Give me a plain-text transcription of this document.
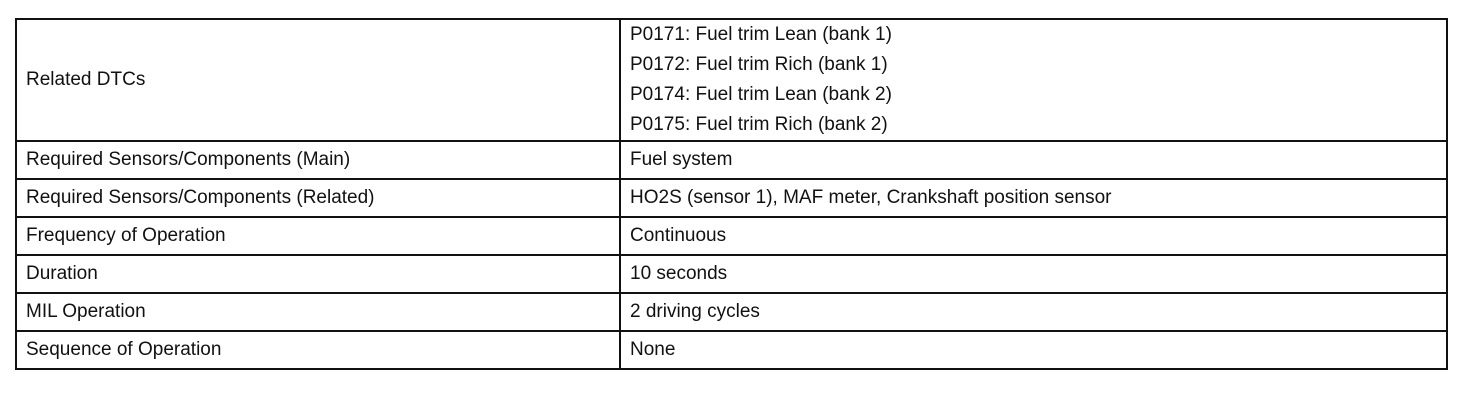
Related DTCs	P0171: Fuel trim Lean (bank 1)
P0172: Fuel trim Rich (bank 1)
P0174: Fuel trim Lean (bank 2)
P0175: Fuel trim Rich (bank 2)

Required Sensors/Components (Main)	Fuel system
Required Sensors/Components (Related)	HO2S (sensor 1), MAF meter, Crankshaft position sensor
Frequency of Operation	Continuous
Duration	10 seconds
MIL Operation	2 driving cycles
Sequence of Operation	None
